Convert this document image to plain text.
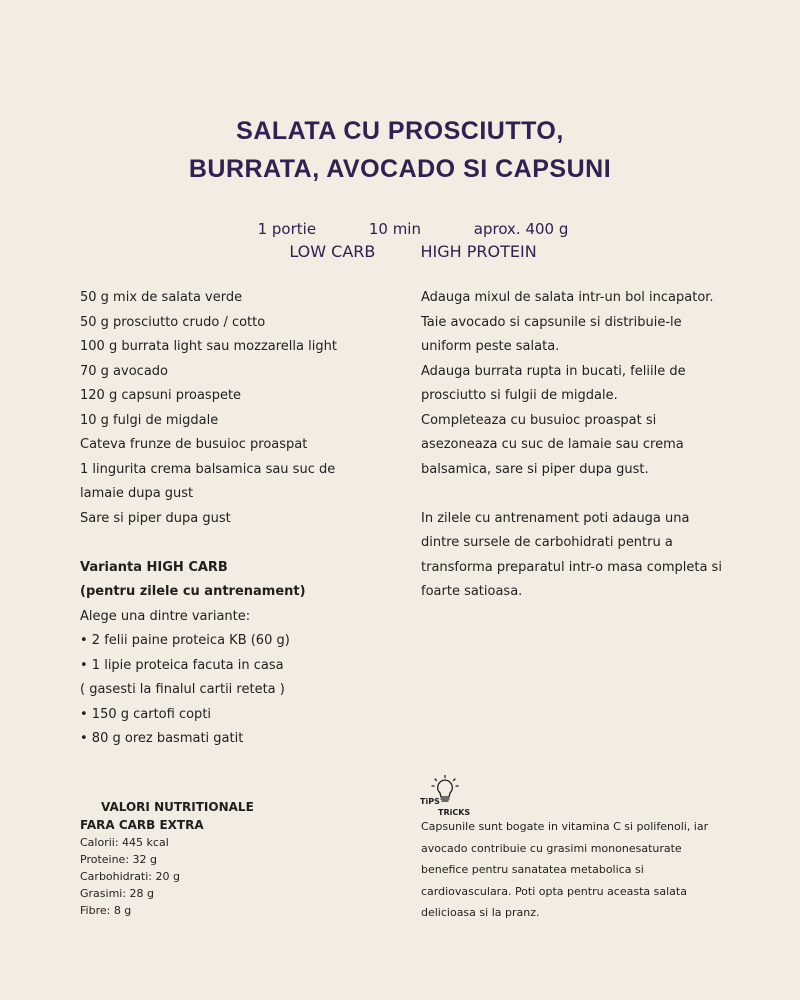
SALATA CU PROSCIUTTO,
BURRATA, AVOCADO SI CAPSUNI
1 portie	10 min	aprox. 400 g
LOW CARB	HIGH PROTEIN
50 g mix de salata verde
50 g prosciutto crudo / cotto
100 g burrata light sau mozzarella light
70 g avocado
120 g capsuni proaspete
10 g fulgi de migdale
Cateva frunze de busuioc proaspat
1 lingurita crema balsamica sau suc de
lamaie dupa gust
Sare si piper dupa gust
Varianta HIGH CARB
(pentru zilele cu antrenament)
Alege una dintre variante:
• 2 felii paine proteica KB (60 g)
• 1 lipie proteica facuta in casa
( gasesti la finalul cartii reteta )
• 150 g cartofi copti
• 80 g orez basmati gatit
Adauga mixul de salata intr-un bol incapator.
Taie avocado si capsunile si distribuie-le
uniform peste salata.
Adauga burrata rupta in bucati, feliile de
prosciutto si fulgii de migdale.
Completeaza cu busuioc proaspat si
asezoneaza cu suc de lamaie sau crema
balsamica, sare si piper dupa gust.
In zilele cu antrenament poti adauga una
dintre sursele de carbohidrati pentru a
transforma preparatul intr-o masa completa si
foarte satioasa.
VALORI NUTRITIONALE
FARA CARB EXTRA
Calorii: 445 kcal
Proteine: 32 g
Carbohidrati: 20 g
Grasimi: 28 g
Fibre: 8 g
TiPS
TRiCKS
Capsunile sunt bogate in vitamina C si polifenoli, iar
avocado contribuie cu grasimi mononesaturate
benefice pentru sanatatea metabolica si
cardiovasculara. Poti opta pentru aceasta salata
delicioasa si la pranz.
